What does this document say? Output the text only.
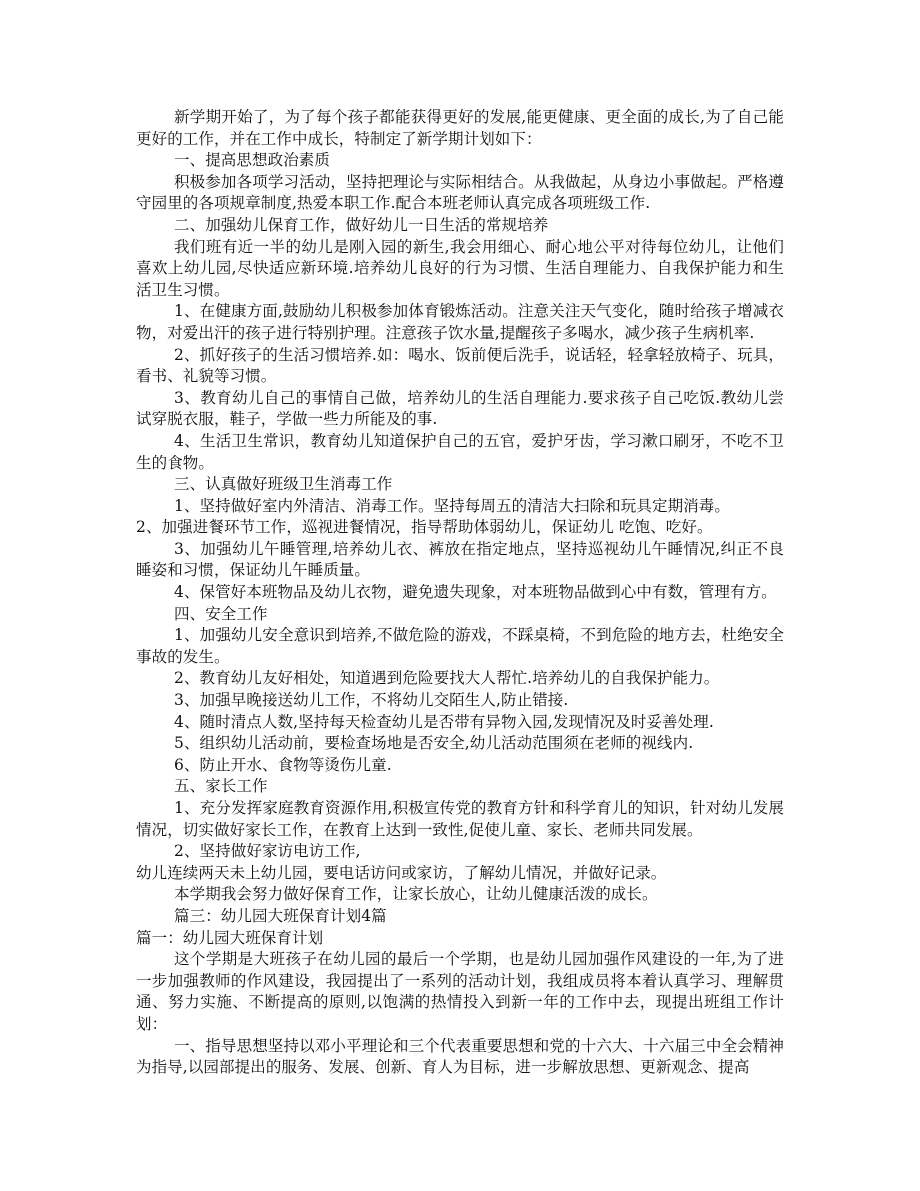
新学期开始了，为了每个孩子都能获得更好的发展,能更健康、更全面的成长,为了自己能更好的工作，并在工作中成长，特制定了新学期计划如下：

一、提高思想政治素质

积极参加各项学习活动，坚持把理论与实际相结合。从我做起，从身边小事做起。严格遵守园里的各项规章制度,热爱本职工作.配合本班老师认真完成各项班级工作.

二、加强幼儿保育工作，做好幼儿一日生活的常规培养

我们班有近一半的幼儿是刚入园的新生,我会用细心、耐心地公平对待每位幼儿，让他们喜欢上幼儿园,尽快适应新环境.培养幼儿良好的行为习惯、生活自理能力、自我保护能力和生活卫生习惯。

1、在健康方面,鼓励幼儿积极参加体育锻炼活动。注意关注天气变化，随时给孩子增减衣物，对爱出汗的孩子进行特别护理。注意孩子饮水量,提醒孩子多喝水，减少孩子生病机率.

2、抓好孩子的生活习惯培养.如：喝水、饭前便后洗手，说话轻，轻拿轻放椅子、玩具，看书、礼貌等习惯。

3、教育幼儿自己的事情自己做，培养幼儿的生活自理能力.要求孩子自己吃饭.教幼儿尝试穿脱衣服，鞋子，学做一些力所能及的事.

4、生活卫生常识，教育幼儿知道保护自己的五官，爱护牙齿，学习漱口刷牙，不吃不卫生的食物。

三、认真做好班级卫生消毒工作

1、坚持做好室内外清洁、消毒工作。坚持每周五的清洁大扫除和玩具定期消毒。

2、加强进餐环节工作，巡视进餐情况，指导帮助体弱幼儿，保证幼儿 吃饱、吃好。

3、加强幼儿午睡管理,培养幼儿衣、裤放在指定地点，坚持巡视幼儿午睡情况,纠正不良睡姿和习惯，保证幼儿午睡质量。

4、保管好本班物品及幼儿衣物，避免遗失现象，对本班物品做到心中有数，管理有方。

四、安全工作

1、加强幼儿安全意识到培养,不做危险的游戏，不踩桌椅，不到危险的地方去，杜绝安全事故的发生。

2、教育幼儿友好相处，知道遇到危险要找大人帮忙.培养幼儿的自我保护能力。

3、加强早晚接送幼儿工作，不将幼儿交陌生人,防止错接.

4、随时清点人数,坚持每天检查幼儿是否带有异物入园,发现情况及时妥善处理.

5、组织幼儿活动前，要检查场地是否安全,幼儿活动范围须在老师的视线内.

6、防止开水、食物等烫伤儿童.

五、家长工作

1、充分发挥家庭教育资源作用,积极宣传党的教育方针和科学育儿的知识，针对幼儿发展情况，切实做好家长工作，在教育上达到一致性,促使儿童、家长、老师共同发展。

2、坚持做好家访电访工作,

幼儿连续两天未上幼儿园，要电话访问或家访，了解幼儿情况，并做好记录。

本学期我会努力做好保育工作，让家长放心，让幼儿健康活泼的成长。

篇三：幼儿园大班保育计划4篇

篇一：幼儿园大班保育计划

这个学期是大班孩子在幼儿园的最后一个学期，也是幼儿园加强作风建设的一年,为了进一步加强教师的作风建设，我园提出了一系列的活动计划，我组成员将本着认真学习、理解贯通、努力实施、不断提高的原则,以饱满的热情投入到新一年的工作中去，现提出班组工作计划：

一、指导思想坚持以邓小平理论和三个代表重要思想和党的十六大、十六届三中全会精神为指导,以园部提出的服务、发展、创新、育人为目标，进一步解放思想、更新观念、提高
